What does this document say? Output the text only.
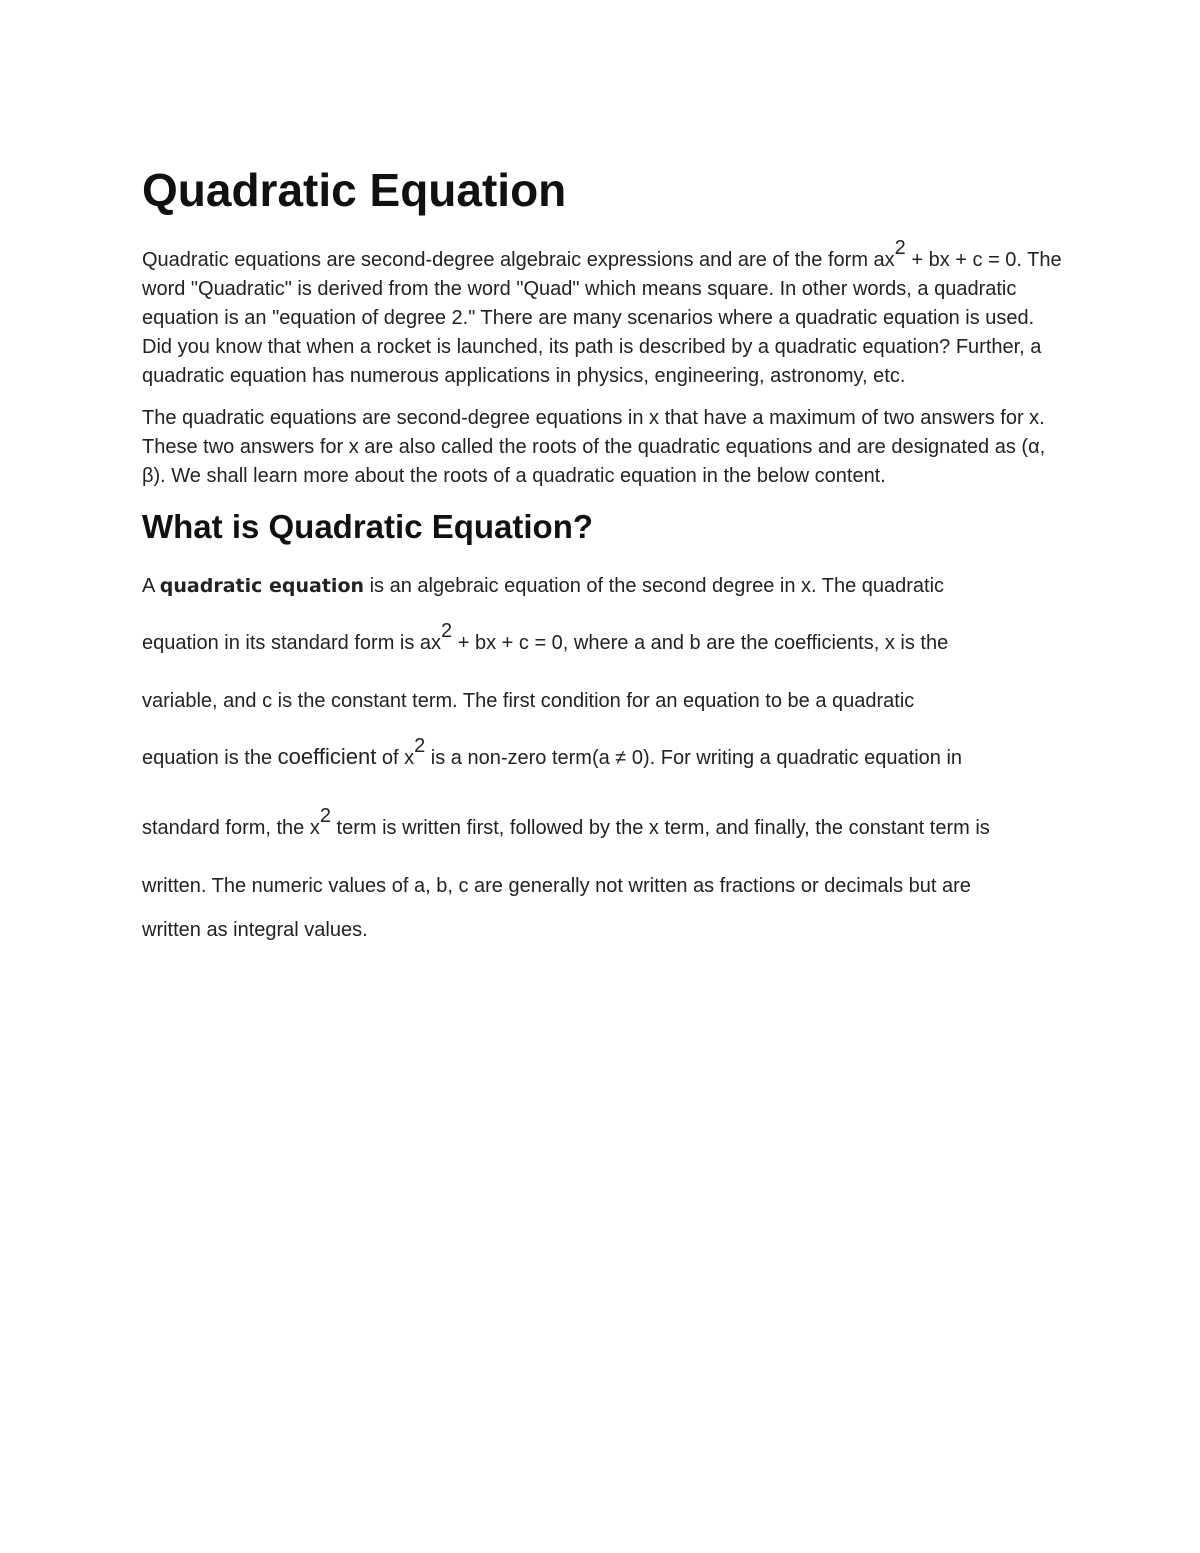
Quadratic Equation

Quadratic equations are second-degree algebraic expressions and are of the form $ax^2$ + bx + c = 0. The word "Quadratic" is derived from the word "Quad" which means square. In other words, a quadratic equation is an "equation of degree 2." There are many scenarios where a quadratic equation is used. Did you know that when a rocket is launched, its path is described by a quadratic equation? Further, a quadratic equation has numerous applications in physics, engineering, astronomy, etc.

The quadratic equations are second-degree equations in x that have a maximum of two answers for x. These two answers for x are also called the roots of the quadratic equations and are designated as (α, β). We shall learn more about the roots of a quadratic equation in the below content.

What is Quadratic Equation?
A quadratic equation is an algebraic equation of the second degree in x. The quadratic
equation in its standard form is $ax^2$ + bx + c = 0, where a and b are the coefficients, x is the
variable, and c is the constant term. The first condition for an equation to be a quadratic
equation is the coefficient of $x^2$ is a non-zero term(a ≠ 0). For writing a quadratic equation in
standard form, the $x^2$ term is written first, followed by the x term, and finally, the constant term is
written. The numeric values of a, b, c are generally not written as fractions or decimals but are
written as integral values.
